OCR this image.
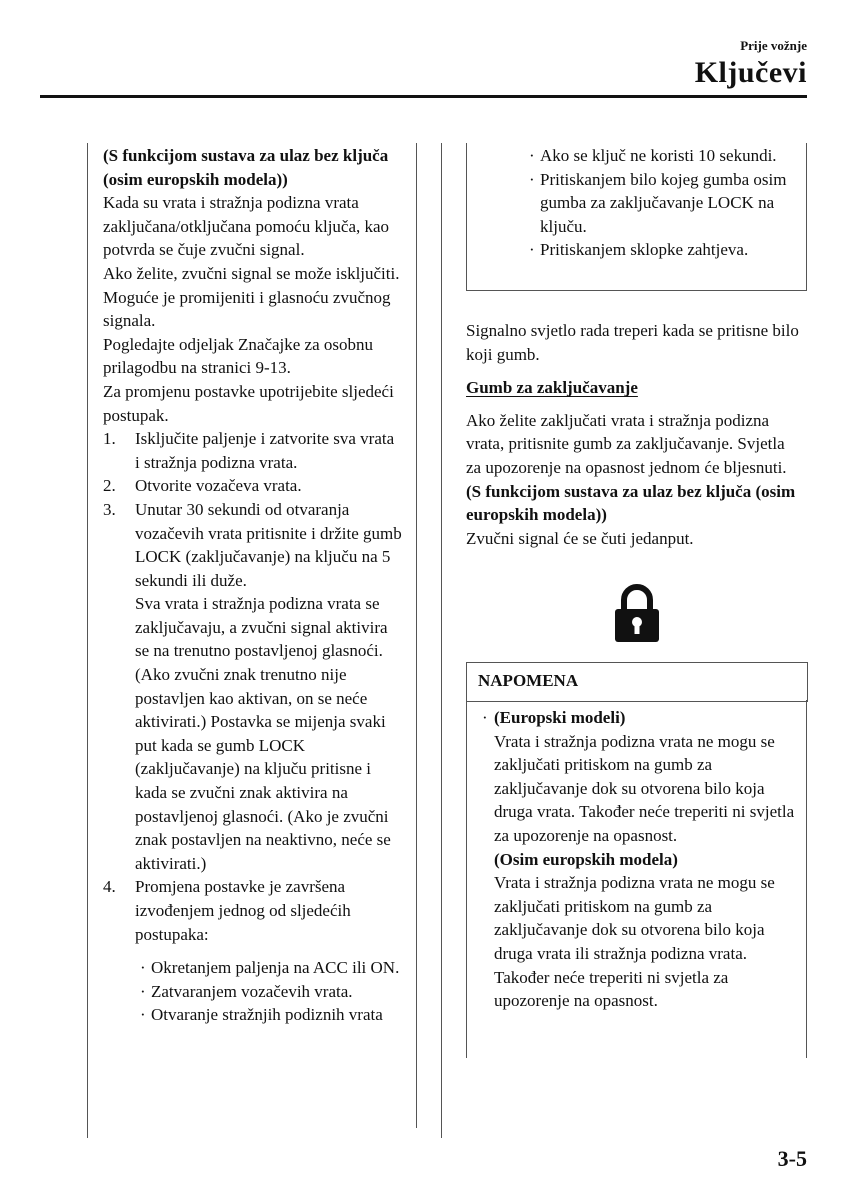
Prije vožnje
Ključevi

(S funkcijom sustava za ulaz bez ključa (osim europskih modela))

Kada su vrata i stražnja podizna vrata zaključana/otključana pomoću ključa, kao potvrda se čuje zvučni signal.

Ako želite, zvučni signal se može isključiti.

Moguće je promijeniti i glasnoću zvučnog signala.

Pogledajte odjeljak Značajke za osobnu prilagodbu na stranici 9-13.

Za promjenu postavke upotrijebite sljedeći postupak.

1. Isključite paljenje i zatvorite sva vrata i stražnja podizna vrata.
2. Otvorite vozačeva vrata.
3. Unutar 30 sekundi od otvaranja vozačevih vrata pritisnite i držite gumb LOCK (zaključavanje) na ključu na 5 sekundi ili duže.
Sva vrata i stražnja podizna vrata se zaključavaju, a zvučni signal aktivira se na trenutno postavljenoj glasnoći. (Ako zvučni znak trenutno nije postavljen kao aktivan, on se neće aktivirati.) Postavka se mijenja svaki put kada se gumb LOCK (zaključavanje) na ključu pritisne i kada se zvučni znak aktivira na postavljenoj glasnoći. (Ako je zvučni znak postavljen na neaktivno, neće se aktivirati.)
4. Promjena postavke je završena izvođenjem jednog od sljedećih postupaka:
· Okretanjem paljenja na ACC ili ON.
· Zatvaranjem vozačevih vrata.
· Otvaranje stražnjih podiznih vrata
· Ako se ključ ne koristi 10 sekundi.
· Pritiskanjem bilo kojeg gumba osim gumba za zaključavanje LOCK na ključu.
· Pritiskanjem sklopke zahtjeva.

Signalno svjetlo rada treperi kada se pritisne bilo koji gumb.

Gumb za zaključavanje

Ako želite zaključati vrata i stražnja podizna vrata, pritisnite gumb za zaključavanje. Svjetla za upozorenje na opasnost jednom će bljesnuti.

(S funkcijom sustava za ulaz bez ključa (osim europskih modela))

Zvučni signal će se čuti jedanput.

NAPOMENA
· (Europski modeli)
Vrata i stražnja podizna vrata ne mogu se zaključati pritiskom na gumb za zaključavanje dok su otvorena bilo koja druga vrata. Također neće treperiti ni svjetla za upozorenje na opasnost.
(Osim europskih modela)
Vrata i stražnja podizna vrata ne mogu se zaključati pritiskom na gumb za zaključavanje dok su otvorena bilo koja druga vrata ili stražnja podizna vrata. Također neće treperiti ni svjetla za upozorenje na opasnost.
3-5
